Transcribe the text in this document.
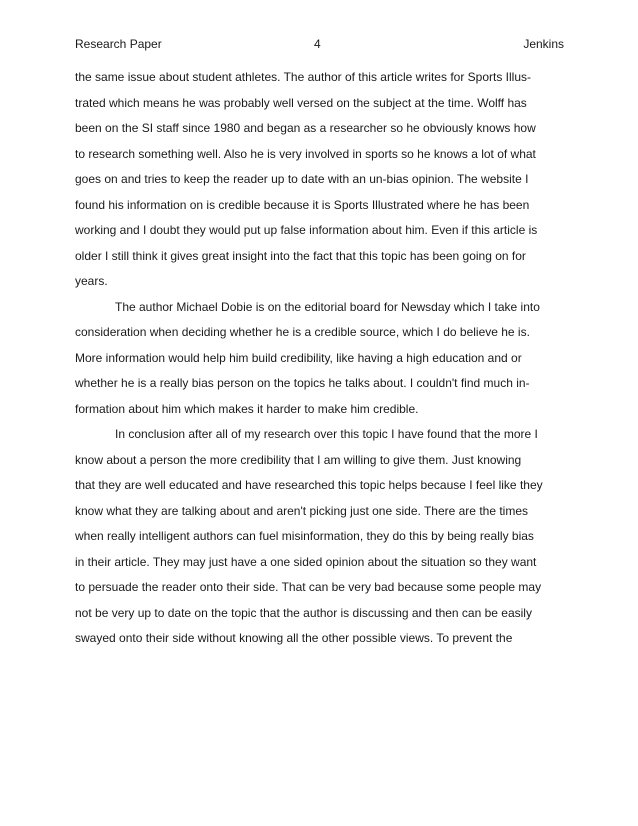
Research Paper	4	Jenkins
the same issue about student athletes. The author of this article writes for Sports Illus-
trated which means he was probably well versed on the subject at the time. Wolff has
been on the SI staff since 1980 and began as a researcher so he obviously knows how
to research something well. Also he is very involved in sports so he knows a lot of what
goes on and tries to keep the reader up to date with an un-bias opinion. The website I
found his information on is credible because it is Sports Illustrated where he has been
working and I doubt they would put up false information about him. Even if this article is
older I still think it gives great insight into the fact that this topic has been going on for
years.
The author Michael Dobie is on the editorial board for Newsday which I take into
consideration when deciding whether he is a credible source, which I do believe he is.
More information would help him build credibility, like having a high education and or
whether he is a really bias person on the topics he talks about. I couldn't find much in-
formation about him which makes it harder to make him credible.
In conclusion after all of my research over this topic I have found that the more I
know about a person the more credibility that I am willing to give them. Just knowing
that they are well educated and have researched this topic helps because I feel like they
know what they are talking about and aren't picking just one side. There are the times
when really intelligent authors can fuel misinformation, they do this by being really bias
in their article. They may just have a one sided opinion about the situation so they want
to persuade the reader onto their side. That can be very bad because some people may
not be very up to date on the topic that the author is discussing and then can be easily
swayed onto their side without knowing all the other possible views. To prevent the
